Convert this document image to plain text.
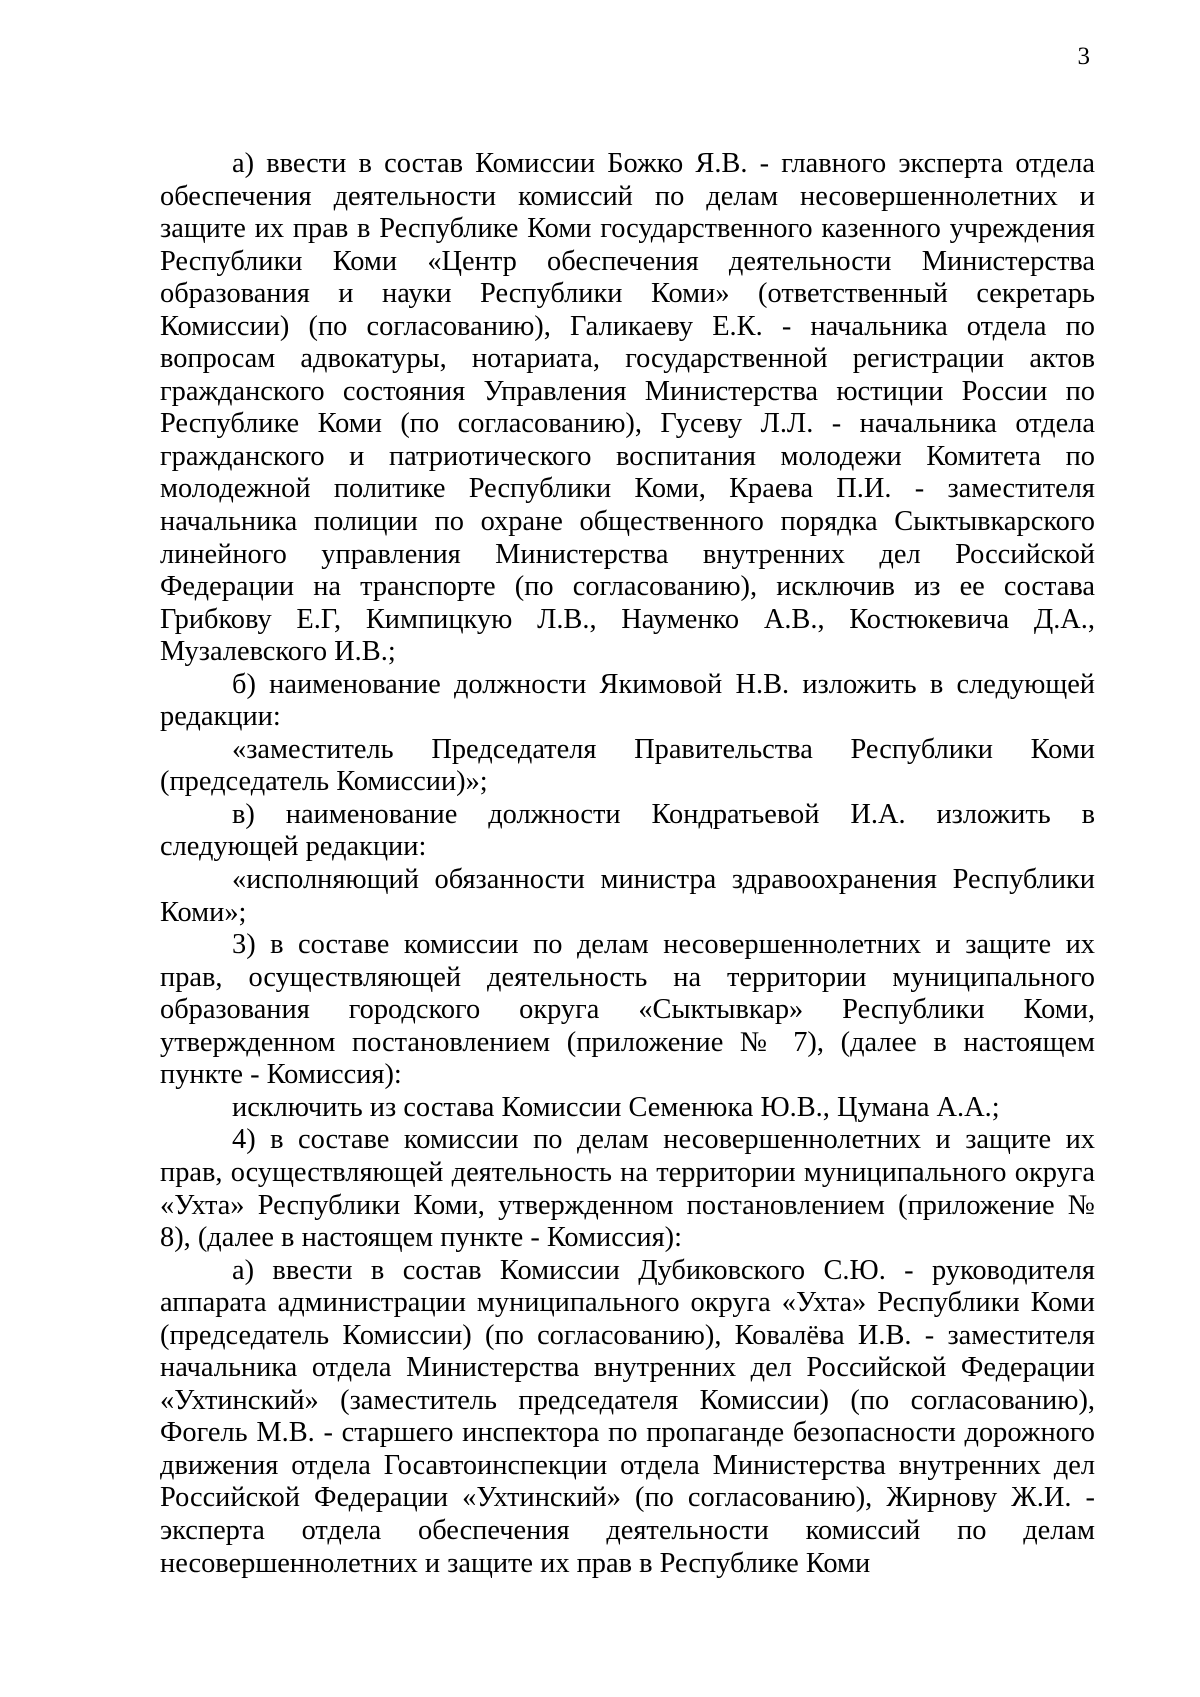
3

а) ввести в состав Комиссии Божко Я.В. - главного эксперта отдела обеспечения деятельности комиссий по делам несовершеннолетних и защите их прав в Республике Коми государственного казенного учреждения Республики Коми «Центр обеспечения деятельности Министерства образования и науки Республики Коми» (ответственный секретарь Комиссии) (по согласованию), Галикаеву Е.К. - начальника отдела по вопросам адвокатуры, нотариата, государственной регистрации актов гражданского состояния Управления Министерства юстиции России по Республике Коми (по согласованию), Гусеву Л.Л. - начальника отдела гражданского и патриотического воспитания молодежи Комитета по молодежной политике Республики Коми, Краева П.И. - заместителя начальника полиции по охране общественного порядка Сыктывкарского линейного управления Министерства внутренних дел Российской Федерации на транспорте (по согласованию), исключив из ее состава Грибкову Е.Г, Кимпицкую Л.В., Науменко А.В., Костюкевича Д.А., Музалевского И.В.;

б) наименование должности Якимовой Н.В. изложить в следующей редакции:

«заместитель Председателя Правительства Республики Коми (председатель Комиссии)»;

в) наименование должности Кондратьевой И.А. изложить в следующей редакции:

«исполняющий обязанности министра здравоохранения Республики Коми»;

3) в составе комиссии по делам несовершеннолетних и защите их прав, осуществляющей деятельность на территории муниципального образования городского округа «Сыктывкар» Республики Коми, утвержденном постановлением (приложение № 7), (далее в настоящем пункте - Комиссия):

исключить из состава Комиссии Семенюка Ю.В., Цумана А.А.;

4) в составе комиссии по делам несовершеннолетних и защите их прав, осуществляющей деятельность на территории муниципального округа «Ухта» Республики Коми, утвержденном постановлением (приложение № 8), (далее в настоящем пункте - Комиссия):

а) ввести в состав Комиссии Дубиковского С.Ю. - руководителя аппарата администрации муниципального округа «Ухта» Республики Коми (председатель Комиссии) (по согласованию), Ковалёва И.В. - заместителя начальника отдела Министерства внутренних дел Российской Федерации «Ухтинский» (заместитель председателя Комиссии) (по согласованию), Фогель М.В. - старшего инспектора по пропаганде безопасности дорожного движения отдела Госавтоинспекции отдела Министерства внутренних дел Российской Федерации «Ухтинский» (по согласованию), Жирнову Ж.И. - эксперта отдела обеспечения деятельности комиссий по делам несовершеннолетних и защите их прав в Республике Коми
